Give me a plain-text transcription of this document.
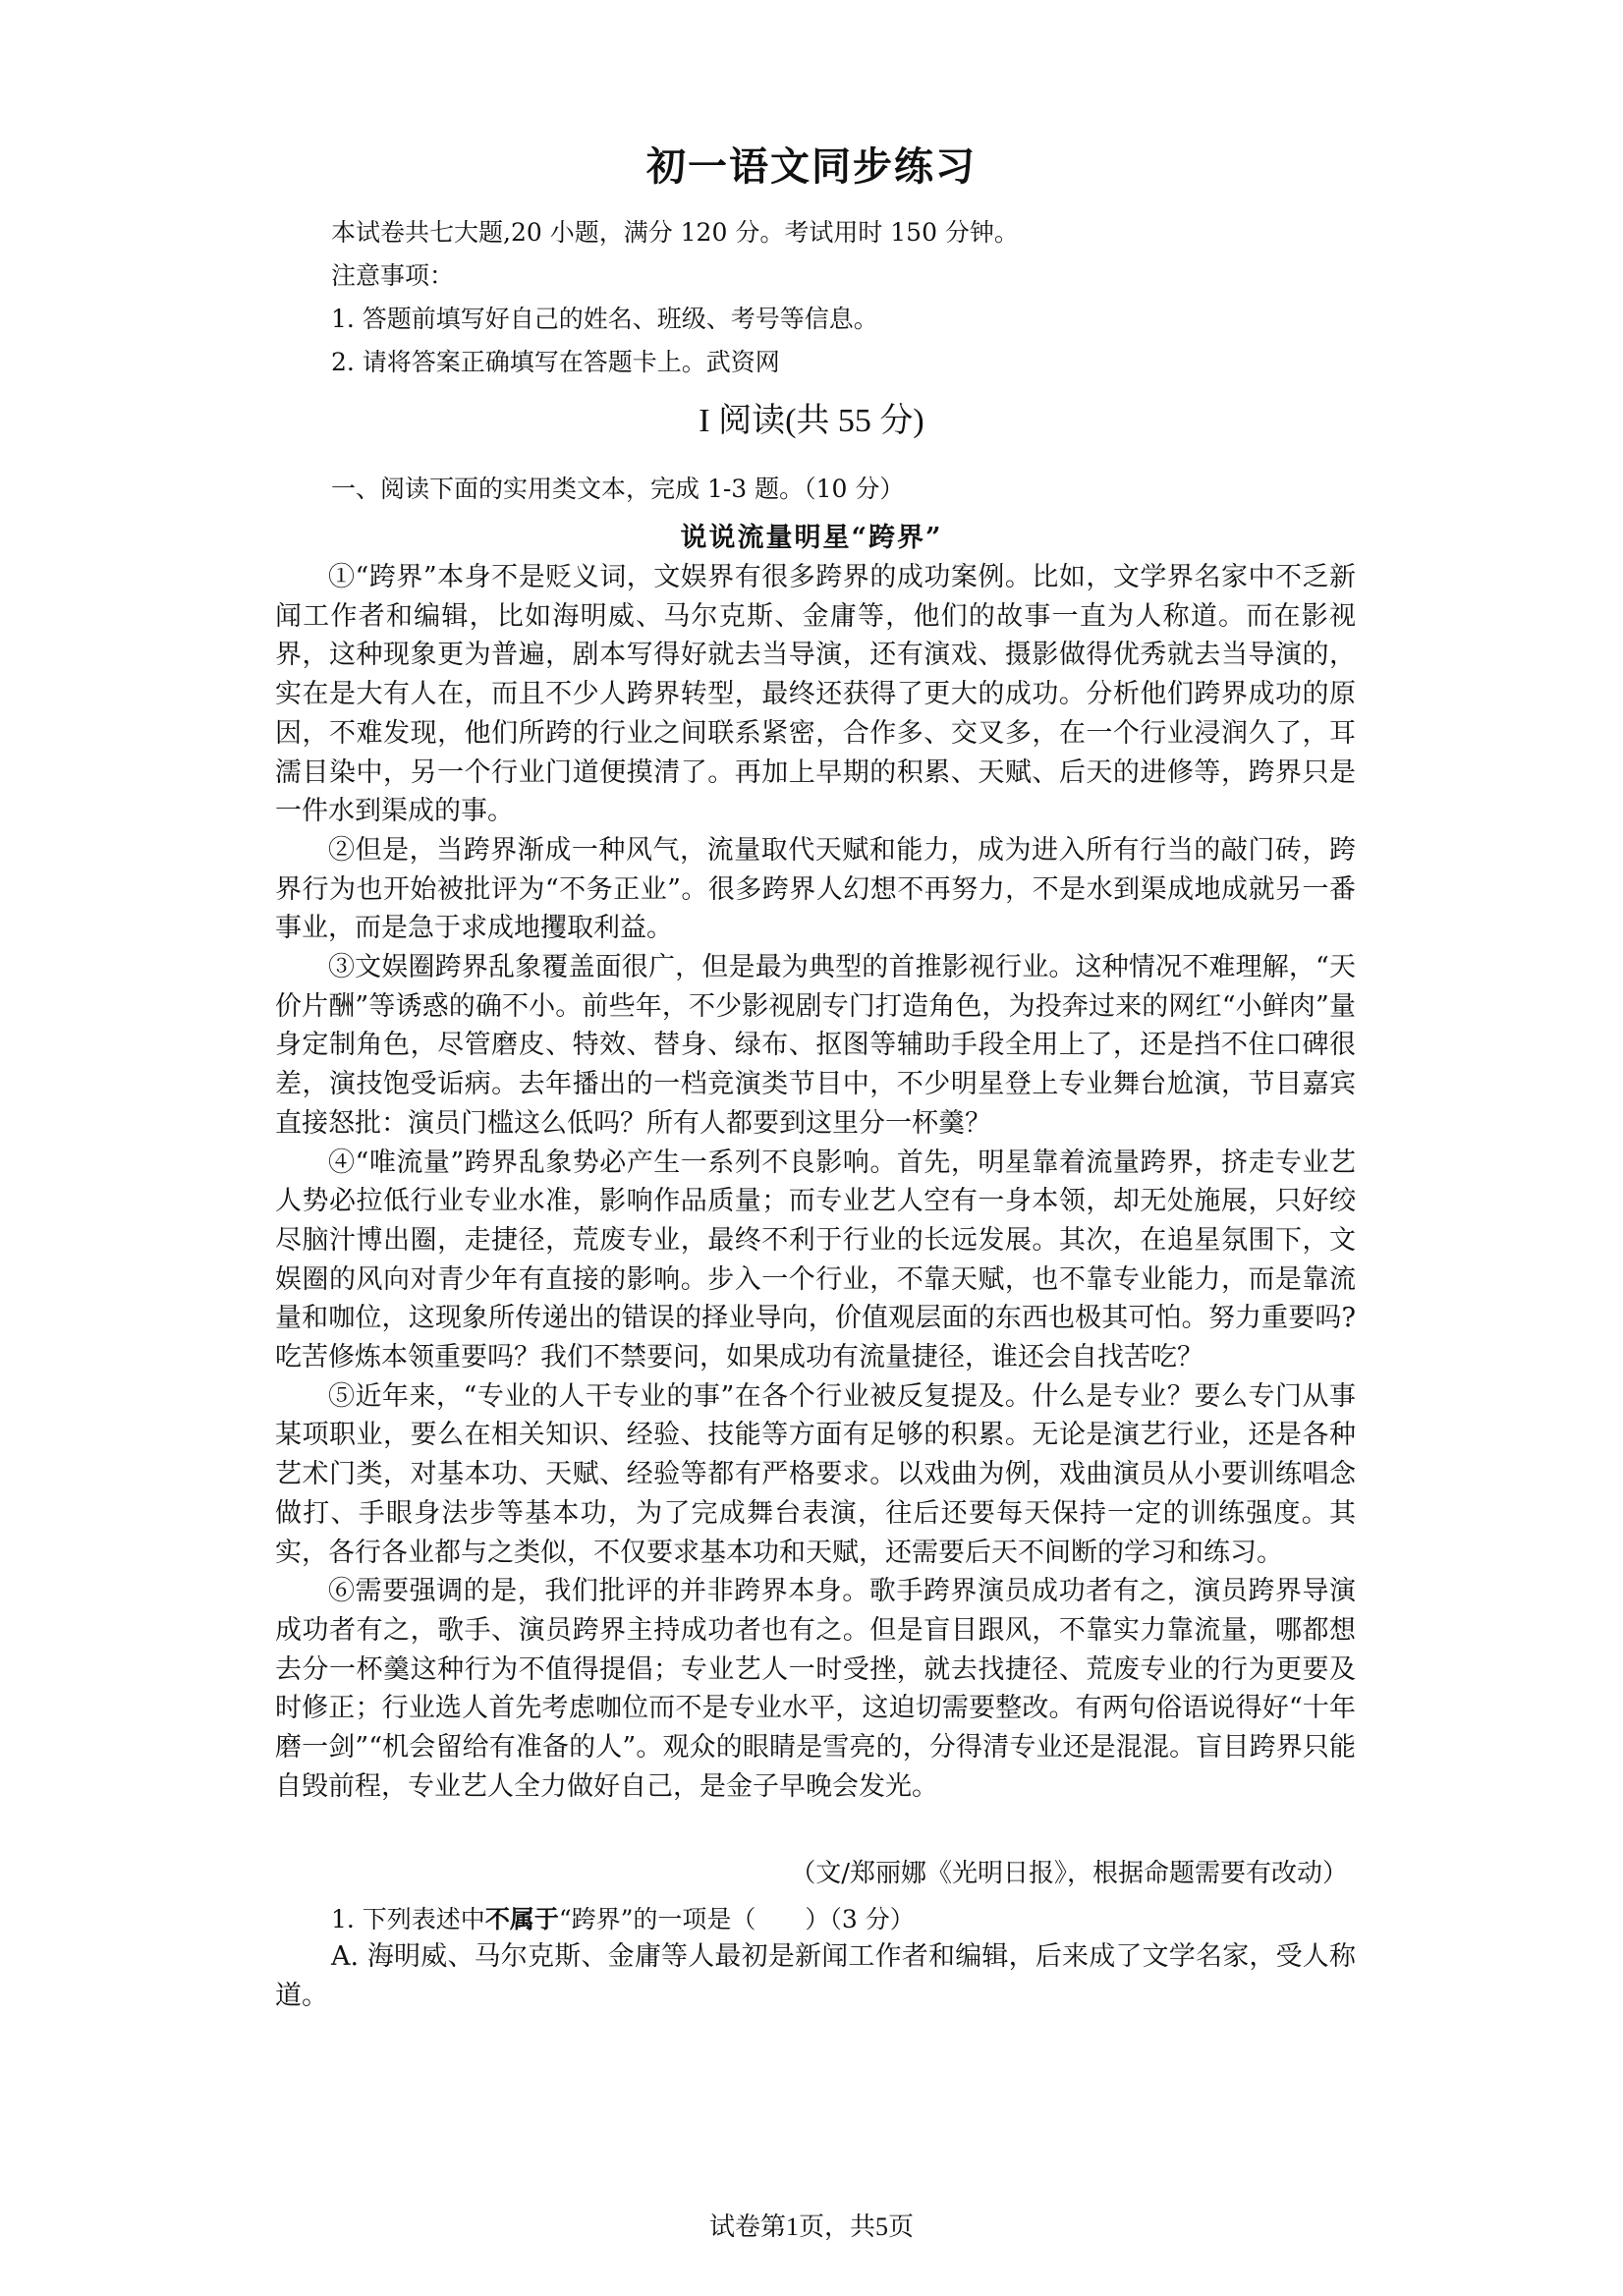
初一语文同步练习
本试卷共七大题,20 小题，满分 120 分。考试用时 150 分钟。
注意事项：
1. 答题前填写好自己的姓名、班级、考号等信息。
2. 请将答案正确填写在答题卡上。武资网
I 阅读(共 55 分)
一、阅读下面的实用类文本，完成 1-3 题。（10 分）
说说流量明星“跨界”

①“跨界”本身不是贬义词，文娱界有很多跨界的成功案例。比如，文学界名家中不乏新闻工作者和编辑，比如海明威、马尔克斯、金庸等，他们的故事一直为人称道。而在影视界，这种现象更为普遍，剧本写得好就去当导演，还有演戏、摄影做得优秀就去当导演的，实在是大有人在，而且不少人跨界转型，最终还获得了更大的成功。分析他们跨界成功的原因，不难发现，他们所跨的行业之间联系紧密，合作多、交叉多，在一个行业浸润久了，耳濡目染中，另一个行业门道便摸清了。再加上早期的积累、天赋、后天的进修等，跨界只是一件水到渠成的事。

②但是，当跨界渐成一种风气，流量取代天赋和能力，成为进入所有行当的敲门砖，跨界行为也开始被批评为“不务正业”。很多跨界人幻想不再努力，不是水到渠成地成就另一番事业，而是急于求成地攫取利益。

③文娱圈跨界乱象覆盖面很广，但是最为典型的首推影视行业。这种情况不难理解，“天价片酬”等诱惑的确不小。前些年，不少影视剧专门打造角色，为投奔过来的网红“小鲜肉”量身定制角色，尽管磨皮、特效、替身、绿布、抠图等辅助手段全用上了，还是挡不住口碑很差，演技饱受诟病。去年播出的一档竞演类节目中，不少明星登上专业舞台尬演，节目嘉宾直接怒批：演员门槛这么低吗？所有人都要到这里分一杯羹？

④“唯流量”跨界乱象势必产生一系列不良影响。首先，明星靠着流量跨界，挤走专业艺人势必拉低行业专业水准，影响作品质量；而专业艺人空有一身本领，却无处施展，只好绞尽脑汁博出圈，走捷径，荒废专业，最终不利于行业的长远发展。其次，在追星氛围下，文娱圈的风向对青少年有直接的影响。步入一个行业，不靠天赋，也不靠专业能力，而是靠流量和咖位，这现象所传递出的错误的择业导向，价值观层面的东西也极其可怕。努力重要吗?吃苦修炼本领重要吗？我们不禁要问，如果成功有流量捷径，谁还会自找苦吃？

⑤近年来，“专业的人干专业的事”在各个行业被反复提及。什么是专业？要么专门从事某项职业，要么在相关知识、经验、技能等方面有足够的积累。无论是演艺行业，还是各种艺术门类，对基本功、天赋、经验等都有严格要求。以戏曲为例，戏曲演员从小要训练唱念做打、手眼身法步等基本功，为了完成舞台表演，往后还要每天保持一定的训练强度。其实，各行各业都与之类似，不仅要求基本功和天赋，还需要后天不间断的学习和练习。

⑥需要强调的是，我们批评的并非跨界本身。歌手跨界演员成功者有之，演员跨界导演成功者有之，歌手、演员跨界主持成功者也有之。但是盲目跟风，不靠实力靠流量，哪都想去分一杯羹这种行为不值得提倡；专业艺人一时受挫，就去找捷径、荒废专业的行为更要及时修正；行业选人首先考虑咖位而不是专业水平，这迫切需要整改。有两句俗语说得好“十年磨一剑”“机会留给有准备的人”。观众的眼睛是雪亮的，分得清专业还是混混。盲目跨界只能自毁前程，专业艺人全力做好自己，是金子早晚会发光。

（文/郑丽娜《光明日报》，根据命题需要有改动）
1. 下列表述中不属于“跨界”的一项是（　　）（3 分）
A. 海明威、马尔克斯、金庸等人最初是新闻工作者和编辑，后来成了文学名家，受人称道。
试卷第1页，共5页
